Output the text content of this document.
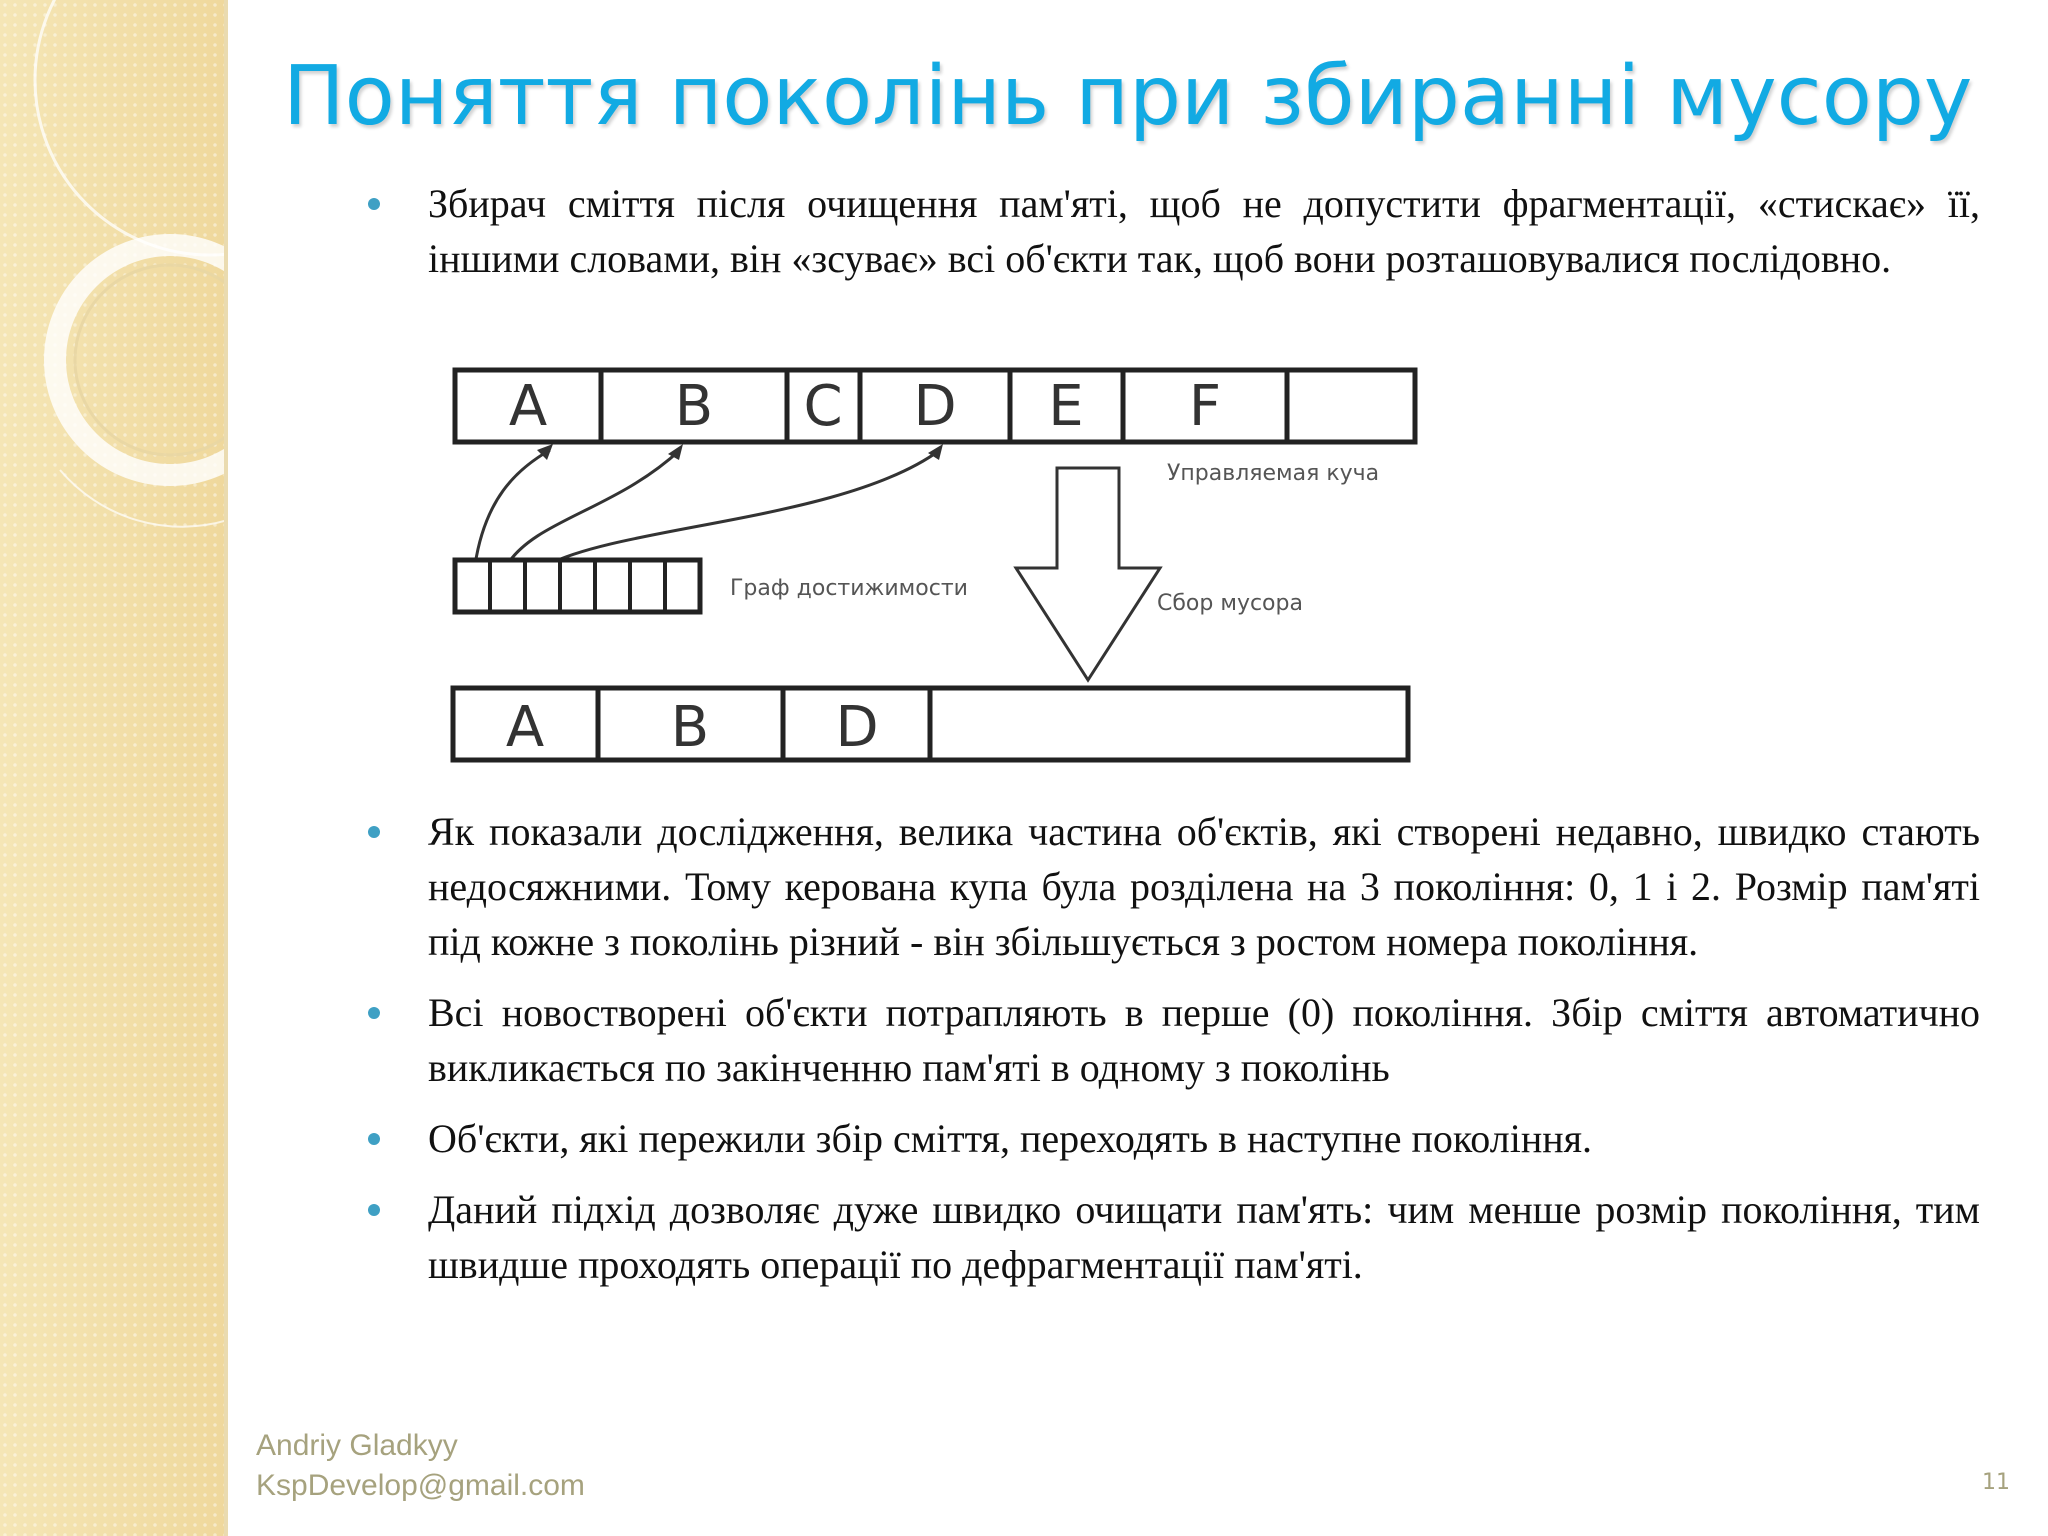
Поняття поколінь при збиранні мусору
Збирач сміття після очищення пам'яті, щоб не допустити фрагментації, «стискає» її, іншими словами, він «зсуває» всі об'єкти так, щоб вони розташовувалися послідовно.
A B C D E F
Управляемая куча
Граф достижимости
Сбор мусора
A B D
Як показали дослідження, велика частина об'єктів, які створені недавно, швидко стають недосяжними. Тому керована купа була розділена на 3 покоління: 0, 1 і 2. Розмір пам'яті під кожне з поколінь різний - він збільшується з ростом номера покоління.
Всі новостворені об'єкти потрапляють в перше (0) покоління. Збір сміття автоматично викликається по закінченню пам'яті в одному з поколінь
Об'єкти, які пережили збір сміття, переходять в наступне покоління.
Даний підхід дозволяє дуже швидко очищати пам'ять: чим менше розмір покоління, тим швидше проходять операції по дефрагментації пам'яті.
Andriy Gladkyy
KspDevelop@gmail.com	11
